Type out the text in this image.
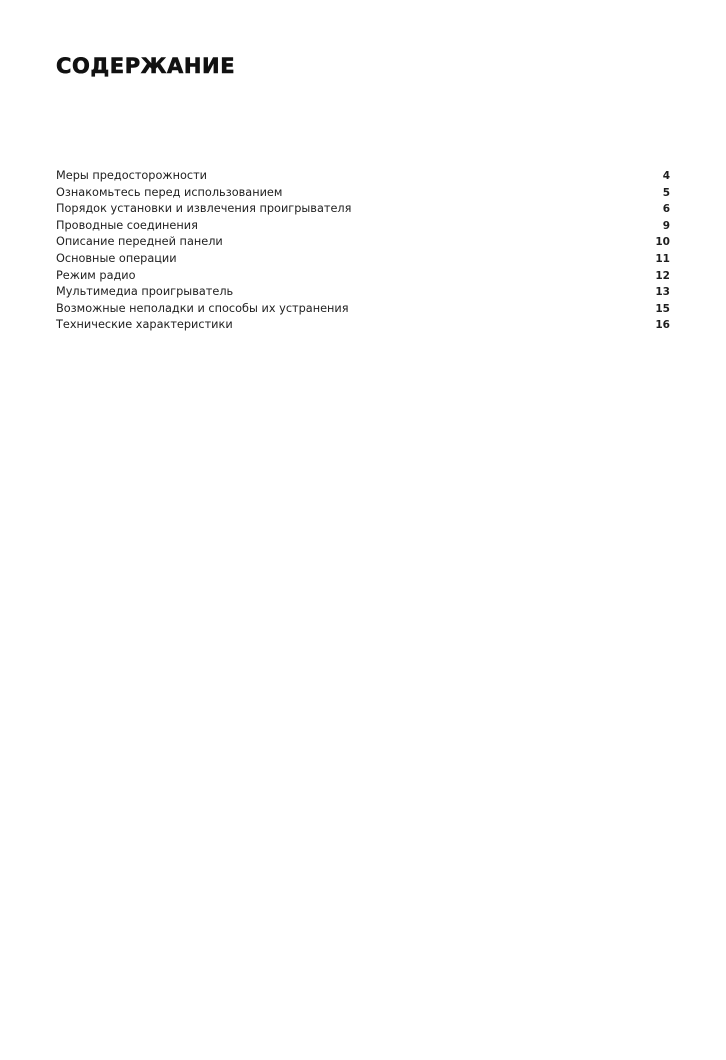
СОДЕРЖАНИЕ
Меры предосторожности	4
Ознакомьтесь перед использованием	5
Порядок установки и извлечения проигрывателя	6
Проводные соединения	9
Описание передней панели	10
Основные операции	11
Режим радио	12
Мультимедиа проигрыватель	13
Возможные неполадки и способы их устранения	15
Технические характеристики	16
